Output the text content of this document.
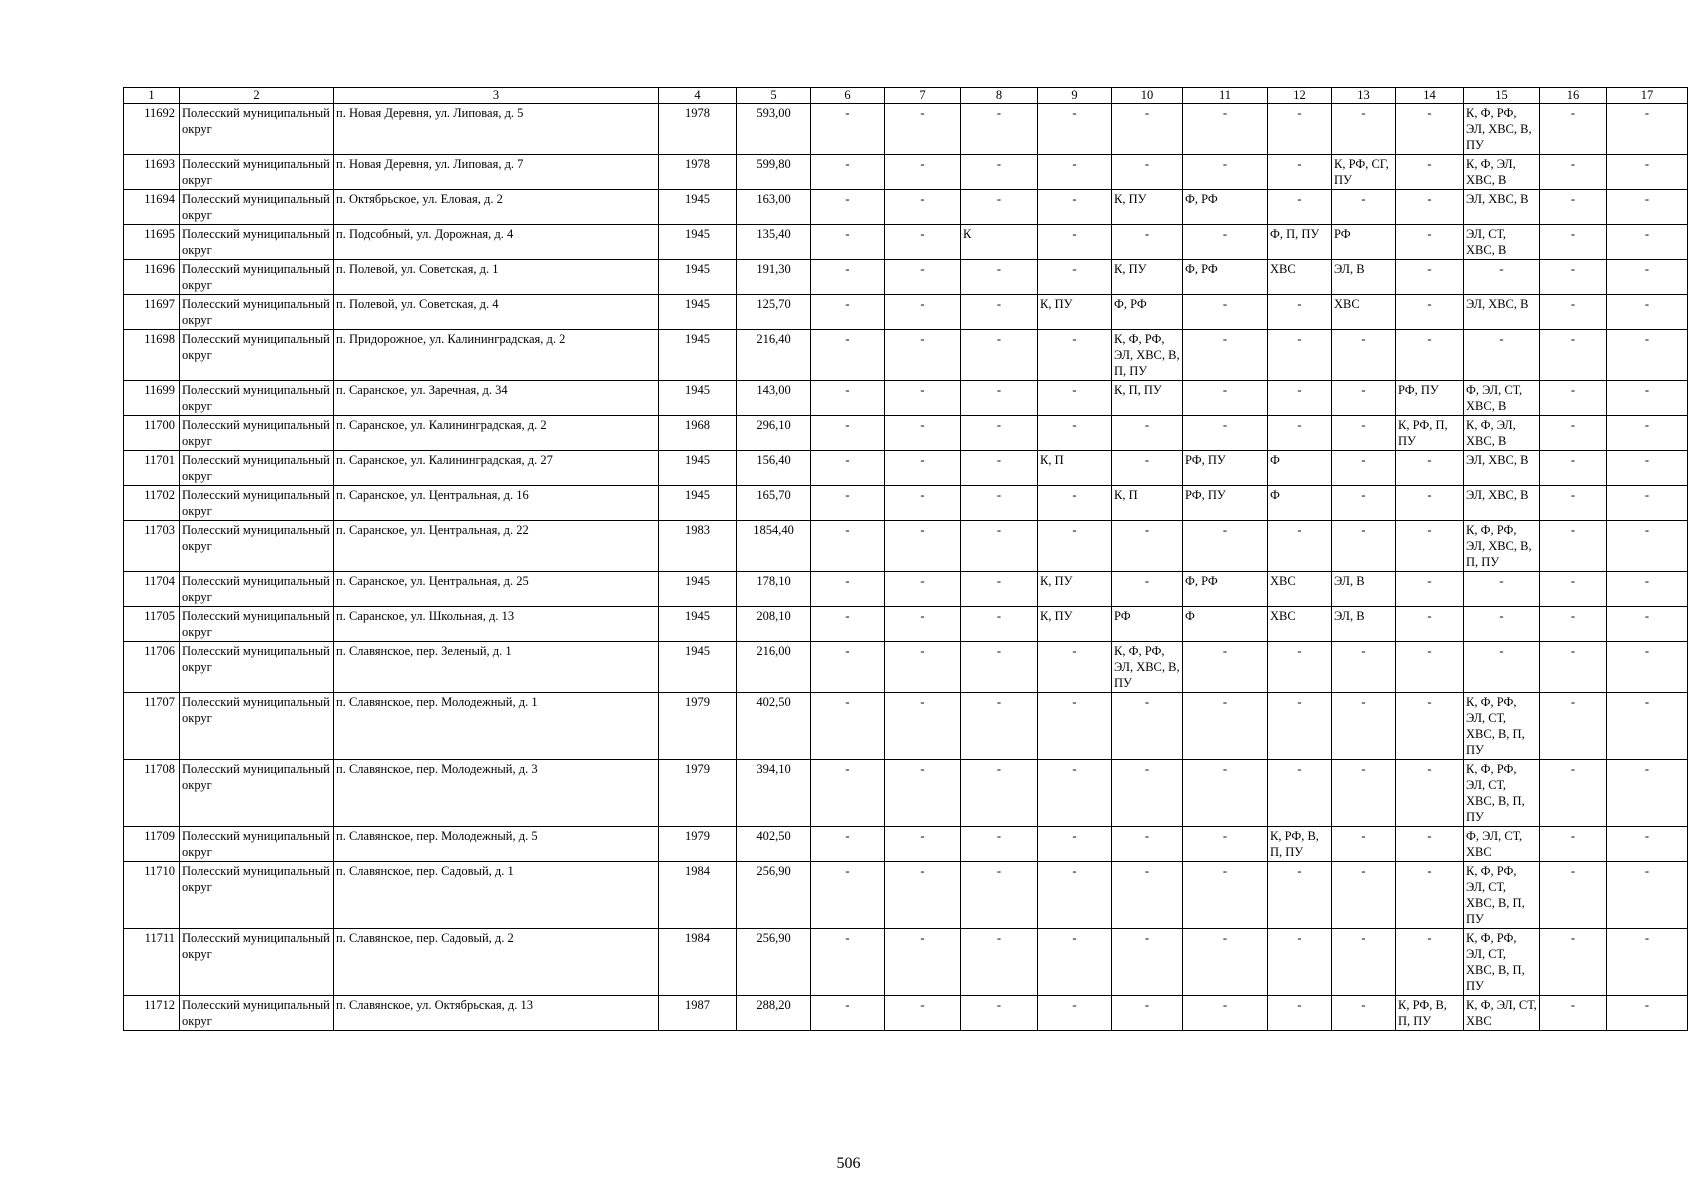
1	2	3	4	5	6	7	8	9	10	11	12	13	14	15	16	17
11692	Полесский муниципальный округ	п. Новая Деревня, ул. Липовая, д. 5	1978	593,00	-	-	-	-	-	-	-	-	-	К, Ф, РФ, ЭЛ, ХВС, В, ПУ	-	-
11693	Полесский муниципальный округ	п. Новая Деревня, ул. Липовая, д. 7	1978	599,80	-	-	-	-	-	-	-	К, РФ, СГ, ПУ	-	К, Ф, ЭЛ, ХВС, В	-	-
11694	Полесский муниципальный округ	п. Октябрьское, ул. Еловая, д. 2	1945	163,00	-	-	-	-	К, ПУ	Ф, РФ	-	-	-	ЭЛ, ХВС, В	-	-
11695	Полесский муниципальный округ	п. Подсобный, ул. Дорожная, д. 4	1945	135,40	-	-	К	-	-	-	Ф, П, ПУ	РФ	-	ЭЛ, СТ, ХВС, В	-	-
11696	Полесский муниципальный округ	п. Полевой, ул. Советская, д. 1	1945	191,30	-	-	-	-	К, ПУ	Ф, РФ	ХВС	ЭЛ, В	-	-	-	-
11697	Полесский муниципальный округ	п. Полевой, ул. Советская, д. 4	1945	125,70	-	-	-	К, ПУ	Ф, РФ	-	-	ХВС	-	ЭЛ, ХВС, В	-	-
11698	Полесский муниципальный округ	п. Придорожное, ул. Калининградская, д. 2	1945	216,40	-	-	-	-	К, Ф, РФ, ЭЛ, ХВС, В, П, ПУ	-	-	-	-	-	-	-
11699	Полесский муниципальный округ	п. Саранское, ул. Заречная, д. 34	1945	143,00	-	-	-	-	К, П, ПУ	-	-	-	РФ, ПУ	Ф, ЭЛ, СТ, ХВС, В	-	-
11700	Полесский муниципальный округ	п. Саранское, ул. Калининградская, д. 2	1968	296,10	-	-	-	-	-	-	-	-	К, РФ, П, ПУ	К, Ф, ЭЛ, ХВС, В	-	-
11701	Полесский муниципальный округ	п. Саранское, ул. Калининградская, д. 27	1945	156,40	-	-	-	К, П	-	РФ, ПУ	Ф	-	-	ЭЛ, ХВС, В	-	-
11702	Полесский муниципальный округ	п. Саранское, ул. Центральная, д. 16	1945	165,70	-	-	-	-	К, П	РФ, ПУ	Ф	-	-	ЭЛ, ХВС, В	-	-
11703	Полесский муниципальный округ	п. Саранское, ул. Центральная, д. 22	1983	1854,40	-	-	-	-	-	-	-	-	-	К, Ф, РФ, ЭЛ, ХВС, В, П, ПУ	-	-
11704	Полесский муниципальный округ	п. Саранское, ул. Центральная, д. 25	1945	178,10	-	-	-	К, ПУ	-	Ф, РФ	ХВС	ЭЛ, В	-	-	-	-
11705	Полесский муниципальный округ	п. Саранское, ул. Школьная, д. 13	1945	208,10	-	-	-	К, ПУ	РФ	Ф	ХВС	ЭЛ, В	-	-	-	-
11706	Полесский муниципальный округ	п. Славянское, пер. Зеленый, д. 1	1945	216,00	-	-	-	-	К, Ф, РФ, ЭЛ, ХВС, В, ПУ	-	-	-	-	-	-	-
11707	Полесский муниципальный округ	п. Славянское, пер. Молодежный, д. 1	1979	402,50	-	-	-	-	-	-	-	-	-	К, Ф, РФ, ЭЛ, СТ, ХВС, В, П, ПУ	-	-
11708	Полесский муниципальный округ	п. Славянское, пер. Молодежный, д. 3	1979	394,10	-	-	-	-	-	-	-	-	-	К, Ф, РФ, ЭЛ, СТ, ХВС, В, П, ПУ	-	-
11709	Полесский муниципальный округ	п. Славянское, пер. Молодежный, д. 5	1979	402,50	-	-	-	-	-	-	К, РФ, В, П, ПУ	-	-	Ф, ЭЛ, СТ, ХВС	-	-
11710	Полесский муниципальный округ	п. Славянское, пер. Садовый, д. 1	1984	256,90	-	-	-	-	-	-	-	-	-	К, Ф, РФ, ЭЛ, СТ, ХВС, В, П, ПУ	-	-
11711	Полесский муниципальный округ	п. Славянское, пер. Садовый, д. 2	1984	256,90	-	-	-	-	-	-	-	-	-	К, Ф, РФ, ЭЛ, СТ, ХВС, В, П, ПУ	-	-
11712	Полесский муниципальный округ	п. Славянское, ул. Октябрьская, д. 13	1987	288,20	-	-	-	-	-	-	-	-	К, РФ, В, П, ПУ	К, Ф, ЭЛ, СТ, ХВС	-	-
506
